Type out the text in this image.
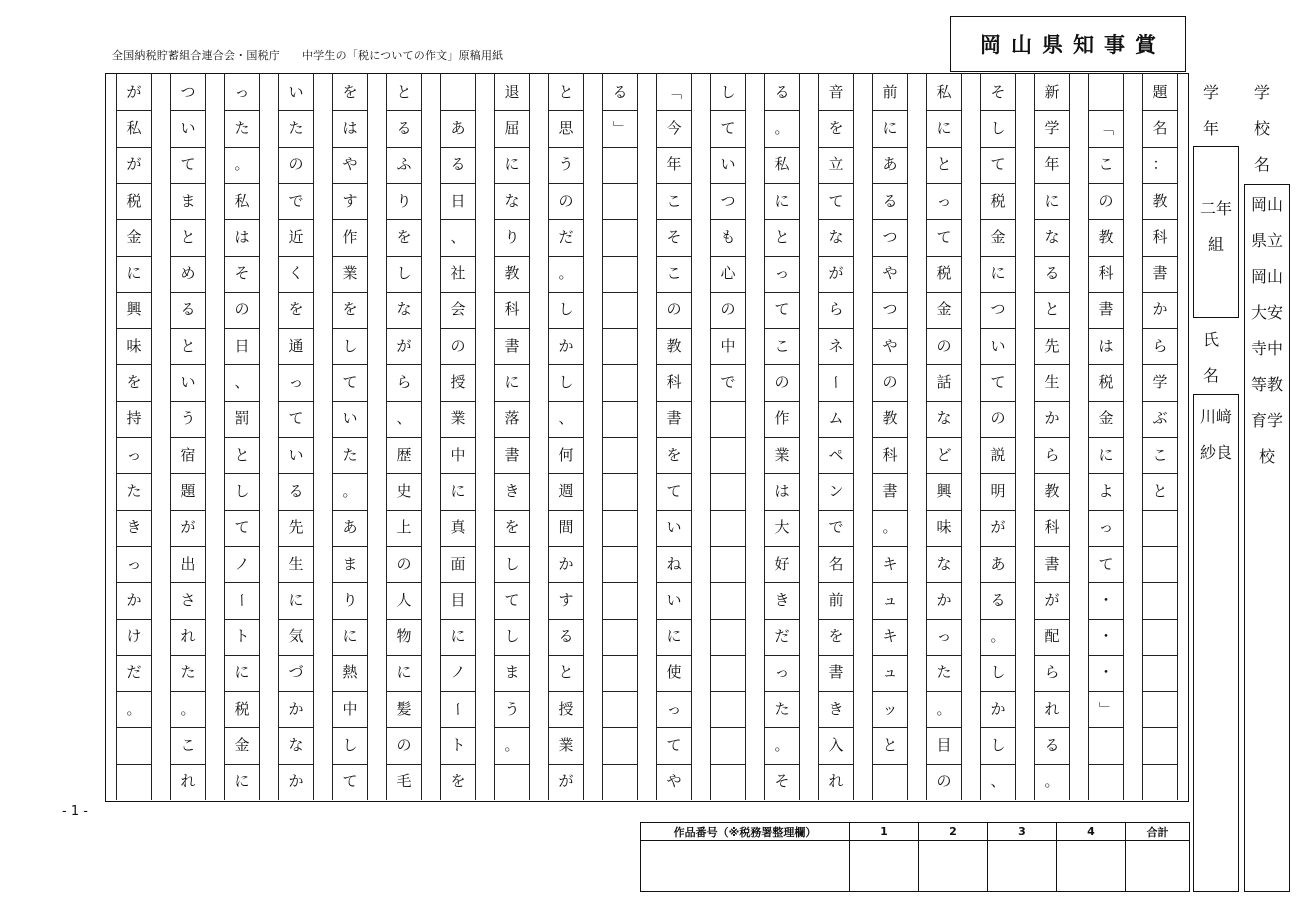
全国納税貯蓄組合連合会・国税庁 中学生の「税についての作文」原稿用紙	岡山県知事賞
題
名
：
教
科
書
か
ら
学
ぶ
こ
と

「
こ
の
教
科
書
は
税
金
に
よ
っ
て
・
・
・
」
新
学
年
に
な
る
と
先
生
か
ら
教
科
書
が
配
ら
れ
る
。
そ
し
て
税
金
に
つ
い
て
の
説
明
が
あ
る
。
し
か
し
、
私
に
と
っ
て
税
金
の
話
な
ど
興
味
な
か
っ
た
。
目
の
前
に
あ
る
つ
や
つ
や
の
教
科
書
。
キ
ュ
キ
ュ
ッ
と
音
を
立
て
な
が
ら
ネ
ー
ム
ペ
ン
で
名
前
を
書
き
入
れ
る
。
私
に
と
っ
て
こ
の
作
業
は
大
好
き
だ
っ
た
。
そ
し
て
い
つ
も
心
の
中
で
「
今
年
こ
そ
こ
の
教
科
書
を
て
い
ね
い
に
使
っ
て
や
る
」
と
思
う
の
だ
。
し
か
し
、
何
週
間
か
す
る
と
授
業
が
退
屈
に
な
り
教
科
書
に
落
書
き
を
し
て
し
ま
う
。

あ
る
日
、
社
会
の
授
業
中
に
真
面
目
に
ノ
ー
ト
を
と
る
ふ
り
を
し
な
が
ら
、
歴
史
上
の
人
物
に
髪
の
毛
を
は
や
す
作
業
を
し
て
い
た
。
あ
ま
り
に
熱
中
し
て
い
た
の
で
近
く
を
通
っ
て
い
る
先
生
に
気
づ
か
な
か
っ
た
。
私
は
そ
の
日
、
罰
と
し
て
ノ
ー
ト
に
税
金
に
つ
い
て
ま
と
め
る
と
い
う
宿
題
が
出
さ
れ
た
。
こ
れ
が
私
が
税
金
に
興
味
を
持
っ
た
き
っ
か
け
だ
。
学年
二年組
氏名
川﨑　紗良
学校名
岡山県立岡山大安寺中等教育学校
- 1 -
作品番号（※税務署整理欄）	1	2	3	4	合計
